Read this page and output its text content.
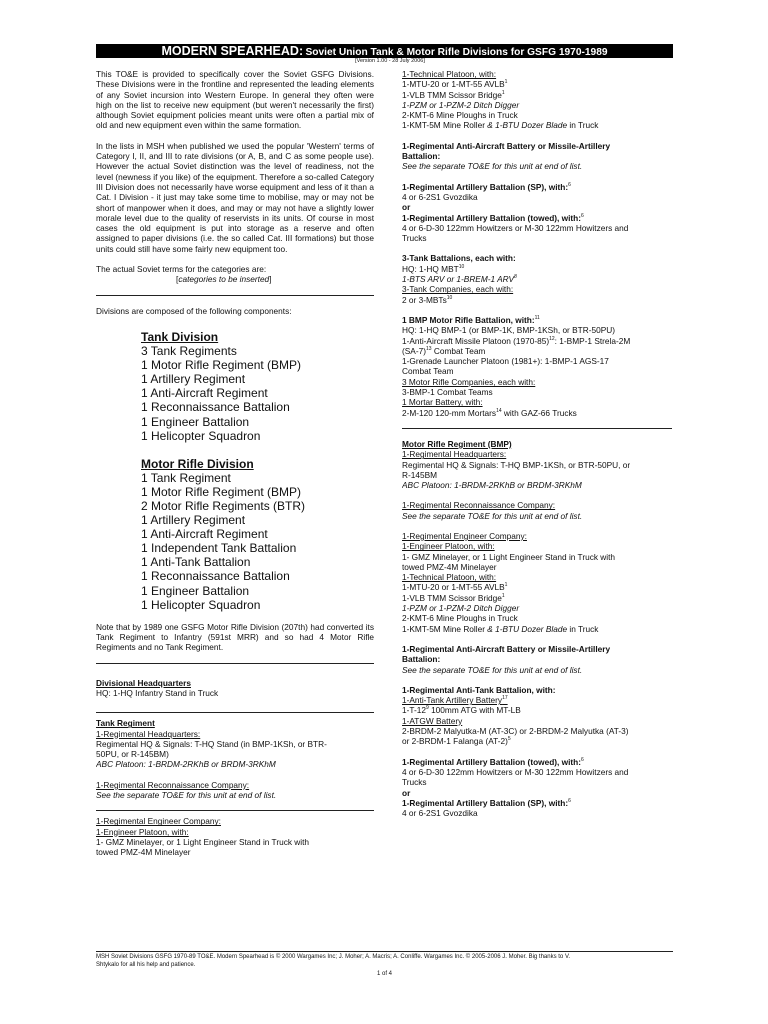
MODERN SPEARHEAD: Soviet Union Tank & Motor Rifle Divisions for GSFG 1970-1989
[Version 1.00 - 28 July 2006]

This TO&E is provided to specifically cover the Soviet GSFG Divisions. These Divisions were in the frontline and represented the leading elements of any Soviet incursion into Western Europe. In general they often were high on the list to receive new equipment (but weren't necessarily the first) although Soviet equipment policies meant units were often a partial mix of old and new equipment even within the same formation.

In the lists in MSH when published we used the popular 'Western' terms of Category I, II, and III to rate divisions (or A, B, and C as some people use). However the actual Soviet distinction was the level of readiness, not the level (newness if you like) of the equipment. Therefore a so-called Category III Division does not necessarily have worse equipment and less of it than a Cat. I Division - it just may take some time to mobilise, may or may not be short of manpower when it does, and may or may not have a slightly lower morale level due to the quality of reservists in its units. Of course in most cases the old equipment is put into storage as a reserve and often assigned to paper divisions (i.e. the so called Cat. III formations) but those units could still have some fairly new equipment too.

The actual Soviet terms for the categories are:
[categories to be inserted]
Divisions are composed of the following components:
Tank Division
3 Tank Regiments
1 Motor Rifle Regiment (BMP)
1 Artillery Regiment
1 Anti-Aircraft Regiment
1 Reconnaissance Battalion
1 Engineer Battalion
1 Helicopter Squadron
Motor Rifle Division
1 Tank Regiment
1 Motor Rifle Regiment (BMP)
2 Motor Rifle Regiments (BTR)
1 Artillery Regiment
1 Anti-Aircraft Regiment
1 Independent Tank Battalion
1 Anti-Tank Battalion
1 Reconnaissance Battalion
1 Engineer Battalion
1 Helicopter Squadron

Note that by 1989 one GSFG Motor Rifle Division (207th) had converted its Tank Regiment to Infantry (591st MRR) and so had 4 Motor Rifle Regiments and no Tank Regiment.

Divisional Headquarters
HQ: 1-HQ Infantry Stand in Truck
Tank Regiment
1-Regimental Headquarters:
Regimental HQ & Signals: T-HQ Stand (in BMP-1KSh, or BTR-
50PU, or R-145BM)
ABC Platoon: 1-BRDM-2RKhB or BRDM-3RKhM
1-Regimental Reconnaissance Company:
See the separate TO&E for this unit at end of list.
1-Regimental Engineer Company:
1-Engineer Platoon, with:
1- GMZ Minelayer, or 1 Light Engineer Stand in Truck with
towed PMZ-4M Minelayer
1-Technical Platoon, with:
1-MTU-20 or 1-MT-55 AVLB$^1$
1-VLB TMM Scissor Bridge$^1$
1-PZM or 1-PZM-2 Ditch Digger
2-KMT-6 Mine Ploughs in Truck
1-KMT-5M Mine Roller & 1-BTU Dozer Blade in Truck
1-Regimental Anti-Aircraft Battery or Missile-Artillery
Battalion:
See the separate TO&E for this unit at end of list.
1-Regimental Artillery Battalion (SP), with:$^6$
4 or 6-2S1 Gvozdika
or
1-Regimental Artillery Battalion (towed), with:$^6$
4 or 6-D-30 122mm Howitzers or M-30 122mm Howitzers and
Trucks
3-Tank Battalions, each with:
HQ: 1-HQ MBT$^{10}$
1-BTS ARV or 1-BREM-1 ARV$^8$
3-Tank Companies, each with:
2 or 3-MBTs$^{10}$
1 BMP Motor Rifle Battalion, with:$^{11}$
HQ: 1-HQ BMP-1 (or BMP-1K, BMP-1KSh, or BTR-50PU)
1-Anti-Aircraft Missile Platoon (1970-85)$^{12}$: 1-BMP-1 Strela-2M
$(SA-7)^{13}$ Combat Team
1-Grenade Launcher Platoon (1981+): 1-BMP-1 AGS-17
Combat Team
3 Motor Rifle Companies, each with:
3-BMP-1 Combat Teams
1 Mortar Battery, with:
2-M-120 120-mm Mortars$^{14}$ with GAZ-66 Trucks
Motor Rifle Regiment (BMP)
1-Regimental Headquarters:
Regimental HQ & Signals: T-HQ BMP-1KSh, or BTR-50PU, or
R-145BM
ABC Platoon: 1-BRDM-2RKhB or BRDM-3RKhM
1-Regimental Reconnaissance Company:
See the separate TO&E for this unit at end of list.
1-Regimental Engineer Company:
1-Engineer Platoon, with:
1- GMZ Minelayer, or 1 Light Engineer Stand in Truck with
towed PMZ-4M Minelayer
1-Technical Platoon, with:
1-MTU-20 or 1-MT-55 AVLB$^1$
1-VLB TMM Scissor Bridge$^1$
1-PZM or 1-PZM-2 Ditch Digger
2-KMT-6 Mine Ploughs in Truck
1-KMT-5M Mine Roller & 1-BTU Dozer Blade in Truck
1-Regimental Anti-Aircraft Battery or Missile-Artillery
Battalion:
See the separate TO&E for this unit at end of list.
1-Regimental Anti-Tank Battalion, with:
1-Anti-Tank Artillery Battery$^{17}$
$1-T-12^9$ 100mm ATG with MT-LB
1-ATGW Battery
2-BRDM-2 Malyutka-M (AT-3C) or 2-BRDM-2 Malyutka (AT-3)
or 2-BRDM-1 Falanga $(AT-2)^5$
1-Regimental Artillery Battalion (towed), with:$^6$
4 or 6-D-30 122mm Howitzers or M-30 122mm Howitzers and
Trucks
or
1-Regimental Artillery Battalion (SP), with:$^6$
4 or 6-2S1 Gvozdika
MSH Soviet Divisions GSFG 1970-89 TO&E. Modern Spearhead is © 2000 Wargames Inc; J. Moher; A. Macris; A. Conliffe. Wargames Inc. © 2005-2006 J. Moher. Big thanks to V.
Shtykalo for all his help and patience.
1 of 4
